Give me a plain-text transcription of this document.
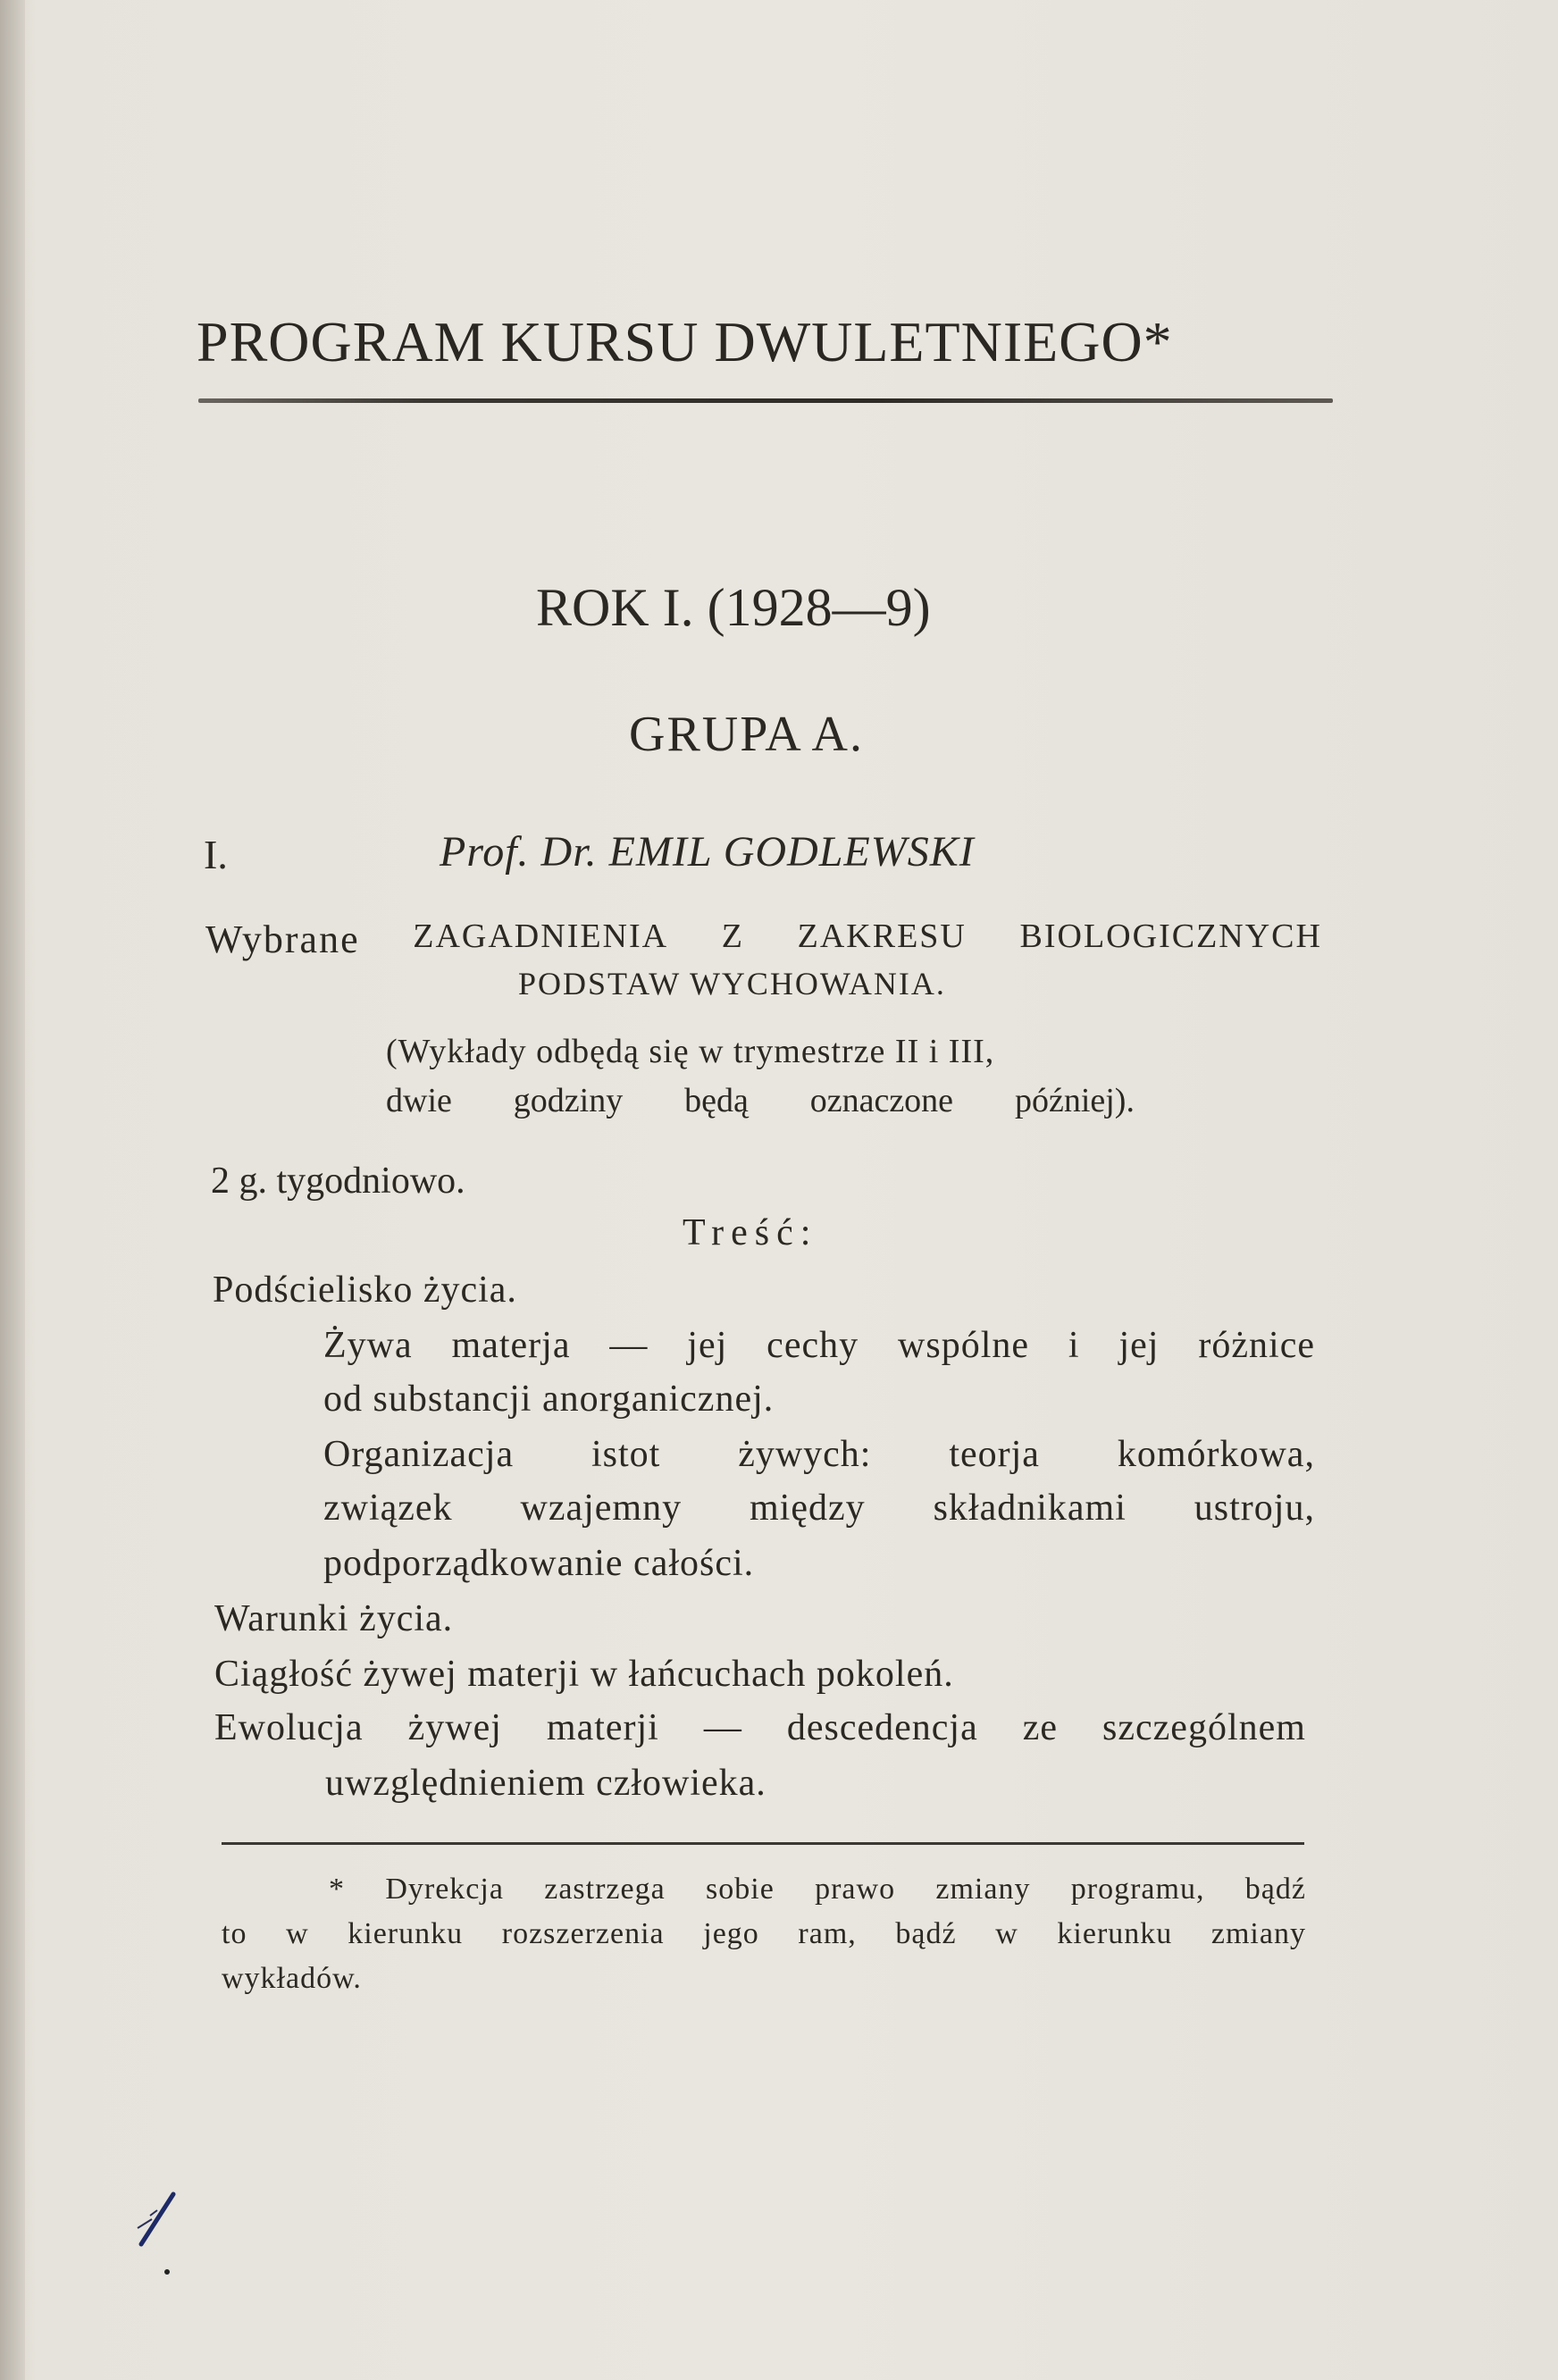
PROGRAM KURSU DWULETNIEGO*
ROK I. (1928—9)
GRUPA A.
I.	Prof. Dr. EMIL GODLEWSKI
Wybrane ZAGADNIENIA Z ZAKRESU BIOLOGICZNYCH
PODSTAW WYCHOWANIA.
(Wykłady odbędą się w trymestrze II i III,
dwie godziny będą oznaczone później).
2 g. tygodniowo.
Treść:
Podścielisko życia.
Żywa materja — jej cechy wspólne i jej różnice
od substancji anorganicznej.
Organizacja istot żywych: teorja komórkowa,
związek wzajemny między składnikami ustroju,
podporządkowanie całości.
Warunki życia.
Ciągłość żywej materji w łańcuchach pokoleń.
Ewolucja żywej materji — descedencja ze szczególnem
uwzględnieniem człowieka.
* Dyrekcja zastrzega sobie prawo zmiany programu, bądź
to w kierunku rozszerzenia jego ram, bądź w kierunku zmiany
wykładów.
